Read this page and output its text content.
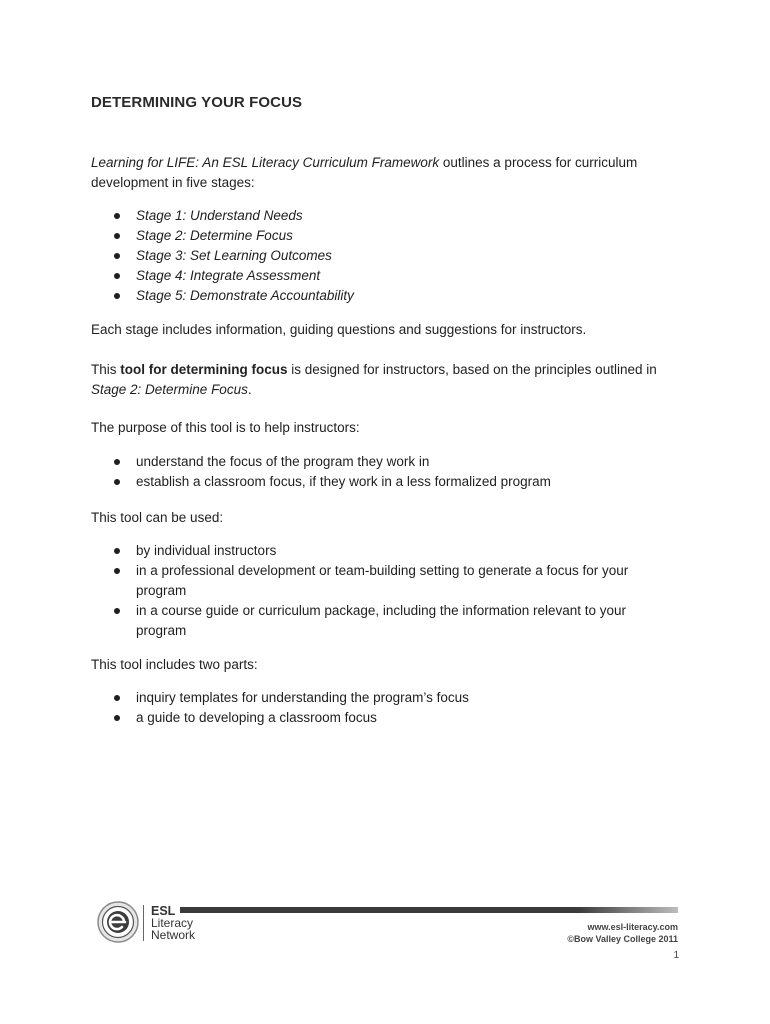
DETERMINING YOUR FOCUS

Learning for LIFE: An ESL Literacy Curriculum Framework outlines a process for curriculum development in five stages:

Stage 1: Understand Needs
Stage 2: Determine Focus
Stage 3: Set Learning Outcomes
Stage 4: Integrate Assessment
Stage 5: Demonstrate Accountability

Each stage includes information, guiding questions and suggestions for instructors.

This tool for determining focus is designed for instructors, based on the principles outlined in Stage 2: Determine Focus.

The purpose of this tool is to help instructors:

understand the focus of the program they work in
establish a classroom focus, if they work in a less formalized program

This tool can be used:

by individual instructors
in a professional development or team-building setting to generate a focus for your program
in a course guide or curriculum package, including the information relevant to your program

This tool includes two parts:

inquiry templates for understanding the program’s focus
a guide to developing a classroom focus
ESL
Literacy
Network
www.esl-literacy.com
©Bow Valley College 2011
1
